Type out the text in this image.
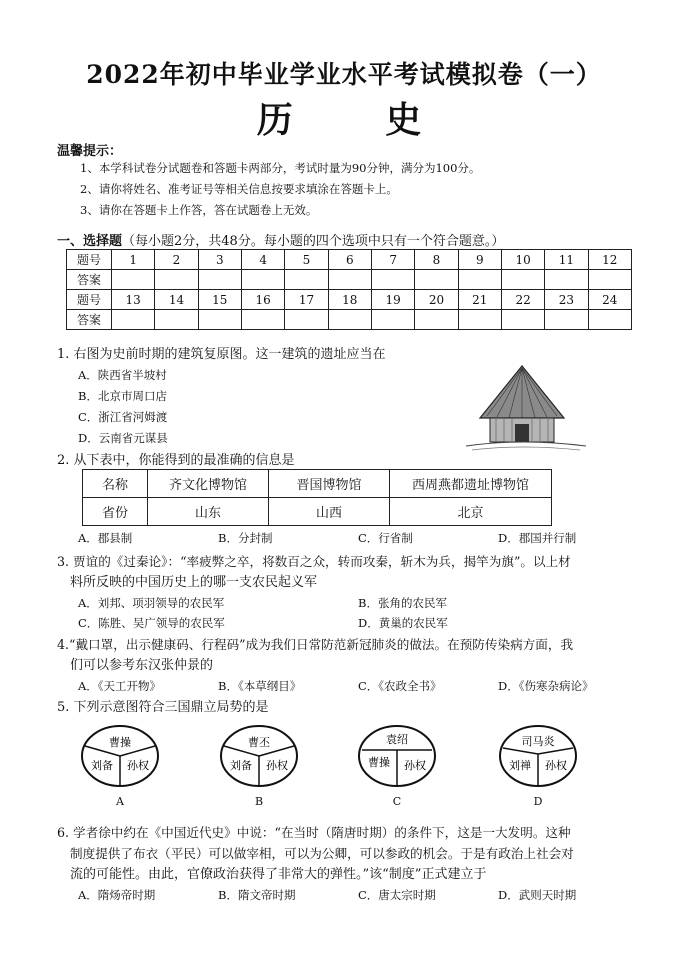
2022年初中毕业学业水平考试模拟卷（一）
历 史
温馨提示：
1、本学科试卷分试题卷和答题卡两部分，考试时量为90分钟，满分为100分。
2、请你将姓名、准考证号等相关信息按要求填涂在答题卡上。
3、请你在答题卡上作答，答在试题卷上无效。
一、选择题（每小题2分，共48分。每小题的四个选项中只有一个符合题意。）
题号	1	2	3	4	5	6	7	8	9	10	11	12
答案												
题号	13	14	15	16	17	18	19	20	21	22	23	24
答案												
1. 右图为史前时期的建筑复原图。这一建筑的遗址应当在
A．陕西省半坡村
B．北京市周口店
C．浙江省河姆渡
D．云南省元谋县
2. 从下表中，你能得到的最准确的信息是
名称	齐文化博物馆	晋国博物馆	西周燕都遗址博物馆
省份	山东	山西	北京
A．郡县制	B．分封制	C．行省制	D．郡国并行制
3. 贾谊的《过秦论》：“率疲弊之卒，将数百之众，转而攻秦，斩木为兵，揭竿为旗”。以上材
料所反映的中国历史上的哪一支农民起义军
A．刘邦、项羽领导的农民军	B．张角的农民军
C．陈胜、吴广领导的农民军	D．黄巢的农民军
4.“戴口罩，出示健康码、行程码”成为我们日常防范新冠肺炎的做法。在预防传染病方面，我
们可以参考东汉张仲景的
A．《天工开物》	B．《本草纲目》	C．《农政全书》	D．《伤寒杂病论》
5. 下列示意图符合三国鼎立局势的是
曹操
刘备 孙权
A
曹丕
刘备 孙权
B
袁绍
曹操 孙权
C
司马炎
刘禅 孙权
D
6. 学者徐中约在《中国近代史》中说：“在当时（隋唐时期）的条件下，这是一大发明。这种
制度提供了布衣（平民）可以做宰相，可以为公卿，可以参政的机会。于是有政治上社会对
流的可能性。由此，官僚政治获得了非常大的弹性。”该“制度”正式建立于
A．隋炀帝时期	B．隋文帝时期	C．唐太宗时期	D．武则天时期
